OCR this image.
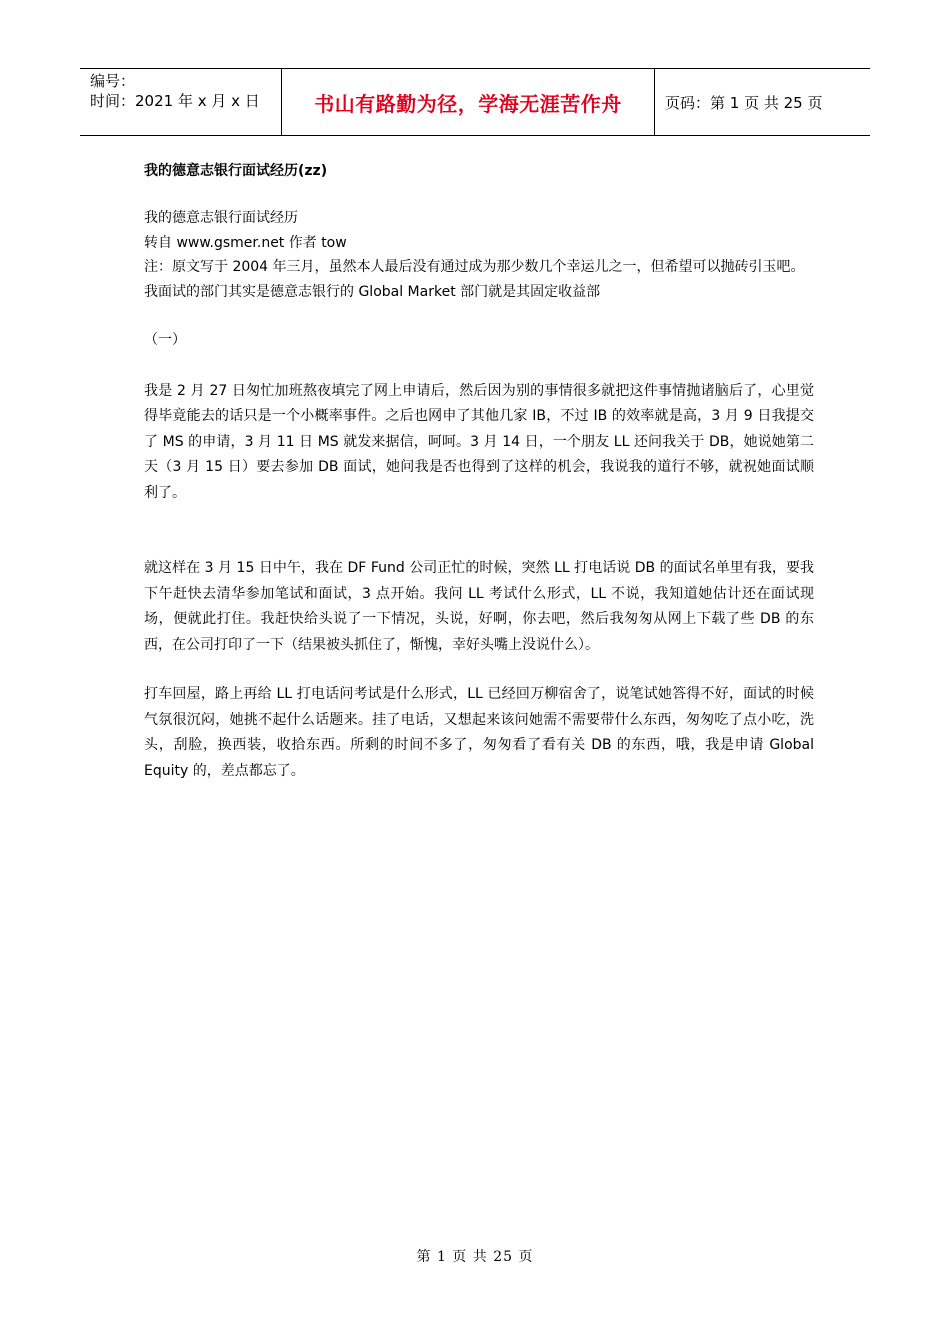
编号：
时间：2021 年 x 月 x 日	书山有路勤为径，学海无涯苦作舟	页码：第 1 页 共 25 页
我的德意志银行面试经历(zz)
我的德意志银行面试经历
转自 www.gsmer.net 作者 tow
注：原文写于 2004 年三月，虽然本人最后没有通过成为那少数几个幸运儿之一，但希望可以抛砖引玉吧。
我面试的部门其实是德意志银行的 Global Market 部门就是其固定收益部
（一）

我是 2 月 27 日匆忙加班熬夜填完了网上申请后，然后因为别的事情很多就把这件事情抛诸脑后了，心里觉得毕竟能去的话只是一个小概率事件。之后也网申了其他几家 IB，不过 IB 的效率就是高，3 月 9 日我提交了 MS 的申请，3 月 11 日 MS 就发来据信，呵呵。3 月 14 日，一个朋友 LL 还问我关于 DB，她说她第二天（3 月 15 日）要去参加 DB 面试，她问我是否也得到了这样的机会，我说我的道行不够，就祝她面试顺利了。

就这样在 3 月 15 日中午，我在 DF Fund 公司正忙的时候，突然 LL 打电话说 DB 的面试名单里有我，要我下午赶快去清华参加笔试和面试，3 点开始。我问 LL 考试什么形式，LL 不说，我知道她估计还在面试现场，便就此打住。我赶快给头说了一下情况，头说，好啊，你去吧，然后我匆匆从网上下载了些 DB 的东西，在公司打印了一下（结果被头抓住了，惭愧，幸好头嘴上没说什么）。

打车回屋，路上再给 LL 打电话问考试是什么形式，LL 已经回万柳宿舍了，说笔试她答得不好，面试的时候气氛很沉闷，她挑不起什么话题来。挂了电话，又想起来该问她需不需要带什么东西，匆匆吃了点小吃，洗头，刮脸，换西装，收拾东西。所剩的时间不多了，匆匆看了看有关 DB 的东西，哦，我是申请 Global Equity 的，差点都忘了。

第 1 页 共 25 页
